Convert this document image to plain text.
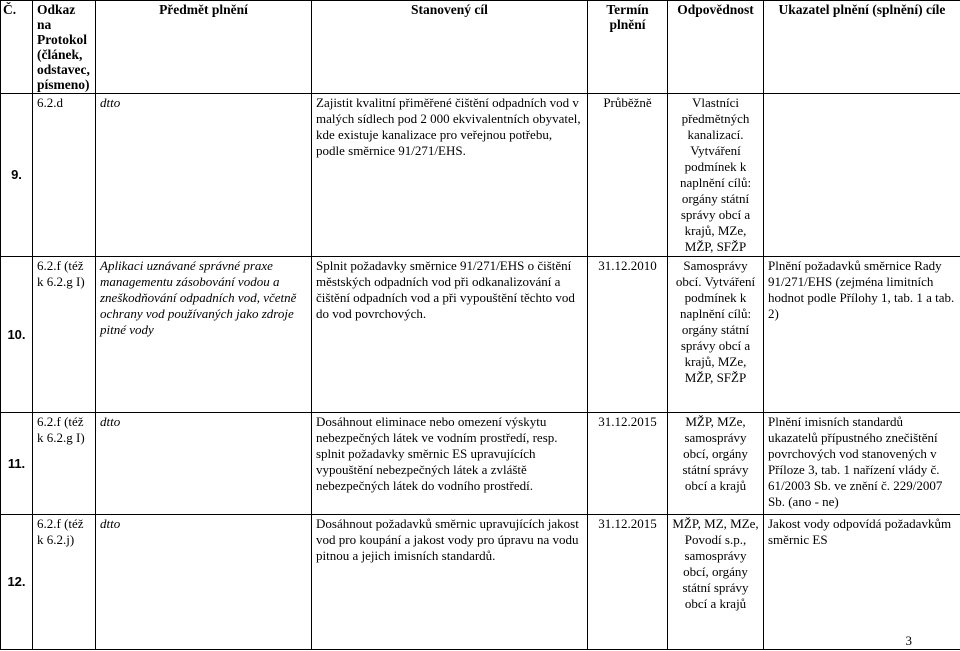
Č.	Odkaz na Protokol (článek, odstavec, písmeno)	Předmět plnění	Stanovený cíl	Termín plnění	Odpovědnost	Ukazatel plnění (splnění) cíle
9.	6.2.d	dtto	Zajistit kvalitní přiměřené čištění odpadních vod v malých sídlech pod 2 000 ekvivalentních obyvatel, kde existuje kanalizace pro veřejnou potřebu, podle směrnice 91/271/EHS.	Průběžně	Vlastníci předmětných kanalizací. Vytváření podmínek k naplnění cílů: orgány státní správy obcí a krajů, MZe, MŽP, SFŽP	
10.	6.2.f (též k 6.2.g I)	Aplikaci uznávané správné praxe managementu zásobování vodou a zneškodňování odpadních vod, včetně ochrany vod používaných jako zdroje pitné vody	Splnit požadavky směrnice 91/271/EHS o čištění městských odpadních vod při odkanalizování a čištění odpadních vod a při vypouštění těchto vod do vod povrchových.	31.12.2010	Samosprávy obcí. Vytváření podmínek k naplnění cílů: orgány státní správy obcí a krajů, MZe, MŽP, SFŽP	Plnění požadavků směrnice Rady 91/271/EHS (zejména limitních hodnot podle Přílohy 1, tab. 1 a tab. 2)
11.	6.2.f (též k 6.2.g I)	dtto	Dosáhnout eliminace nebo omezení výskytu nebezpečných látek ve vodním prostředí, resp. splnit požadavky směrnic ES upravujících vypouštění nebezpečných látek a zvláště nebezpečných látek do vodního prostředí.	31.12.2015	MŽP, MZe, samosprávy obcí, orgány státní správy obcí a krajů	Plnění imisních standardů ukazatelů přípustného znečištění povrchových vod stanovených v Příloze 3, tab. 1 nařízení vlády č. 61/2003 Sb. ve znění č. 229/2007 Sb. (ano - ne)
12.	6.2.f (též k 6.2.j)	dtto	Dosáhnout požadavků směrnic upravujících jakost vod pro koupání a jakost vody pro úpravu na vodu pitnou a jejich imisních standardů.	31.12.2015	MŽP, MZ, MZe, Povodí s.p., samosprávy obcí, orgány státní správy obcí a krajů	Jakost vody odpovídá požadavkům směrnic ES
3
